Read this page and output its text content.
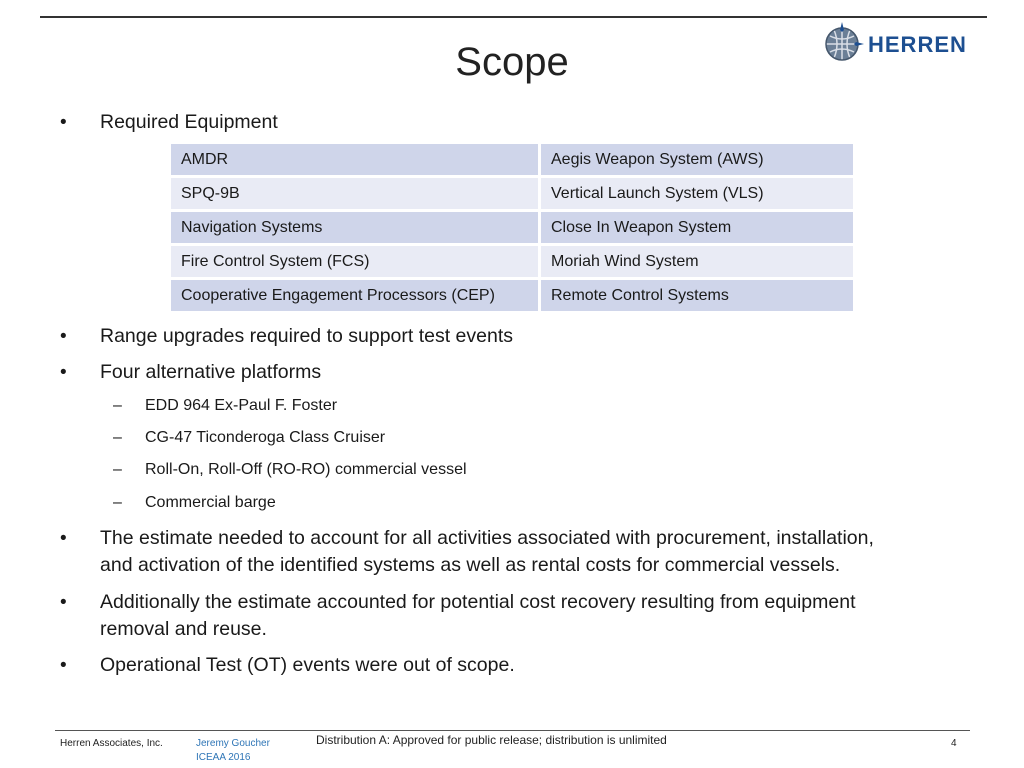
Scope	HERREN
• Required Equipment
AMDR	Aegis Weapon System (AWS)
SPQ-9B	Vertical Launch System (VLS)
Navigation Systems	Close In Weapon System
Fire Control System (FCS)	Moriah Wind System
Cooperative Engagement Processors (CEP)	Remote Control Systems
• Range upgrades required to support test events
• Four alternative platforms
– EDD 964 Ex-Paul F. Foster
– CG-47 Ticonderoga Class Cruiser
– Roll-On, Roll-Off (RO-RO) commercial vessel
– Commercial barge
• The estimate needed to account for all activities associated with procurement, installation,
and activation of the identified systems as well as rental costs for commercial vessels.
• Additionally the estimate accounted for potential cost recovery resulting from equipment
removal and reuse.
• Operational Test (OT) events were out of scope.
Herren Associates, Inc.	Jeremy Goucher
ICEAA 2016
Distribution A: Approved for public release; distribution is unlimited	4
